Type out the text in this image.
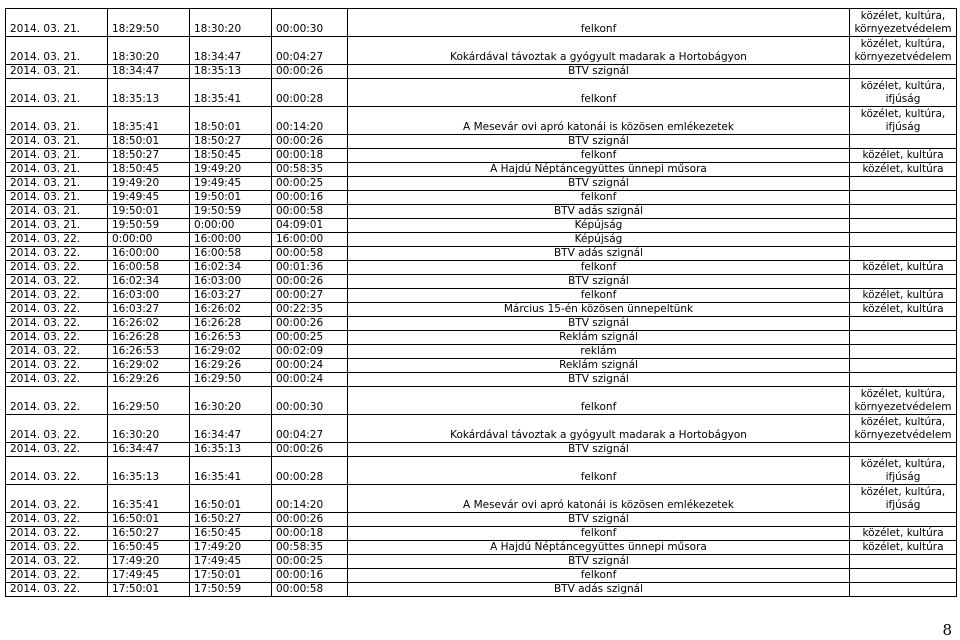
2014. 03. 21.	18:29:50	18:30:20	00:00:30	felkonf	közélet, kultúra, környezetvédelem
2014. 03. 21.	18:30:20	18:34:47	00:04:27	Kokárdával távoztak a gyógyult madarak a Hortobágyon	közélet, kultúra, környezetvédelem
2014. 03. 21.	18:34:47	18:35:13	00:00:26	BTV szignál	
2014. 03. 21.	18:35:13	18:35:41	00:00:28	felkonf	közélet, kultúra, ifjúság
2014. 03. 21.	18:35:41	18:50:01	00:14:20	A Mesevár ovi apró katonái is közösen emlékezetek	közélet, kultúra, ifjúság
2014. 03. 21.	18:50:01	18:50:27	00:00:26	BTV szignál	
2014. 03. 21.	18:50:27	18:50:45	00:00:18	felkonf	közélet, kultúra
2014. 03. 21.	18:50:45	19:49:20	00:58:35	A Hajdú Néptáncegyüttes ünnepi műsora	közélet, kultúra
2014. 03. 21.	19:49:20	19:49:45	00:00:25	BTV szignál	
2014. 03. 21.	19:49:45	19:50:01	00:00:16	felkonf	
2014. 03. 21.	19:50:01	19:50:59	00:00:58	BTV adás szignál	
2014. 03. 21.	19:50:59	0:00:00	04:09:01	Képújság	
2014. 03. 22.	0:00:00	16:00:00	16:00:00	Képújság	
2014. 03. 22.	16:00:00	16:00:58	00:00:58	BTV adás szignál	
2014. 03. 22.	16:00:58	16:02:34	00:01:36	felkonf	közélet, kultúra
2014. 03. 22.	16:02:34	16:03:00	00:00:26	BTV szignál	
2014. 03. 22.	16:03:00	16:03:27	00:00:27	felkonf	közélet, kultúra
2014. 03. 22.	16:03:27	16:26:02	00:22:35	Március 15-én közösen ünnepeltünk	közélet, kultúra
2014. 03. 22.	16:26:02	16:26:28	00:00:26	BTV szignál	
2014. 03. 22.	16:26:28	16:26:53	00:00:25	Reklám szignál	
2014. 03. 22.	16:26:53	16:29:02	00:02:09	reklám	
2014. 03. 22.	16:29:02	16:29:26	00:00:24	Reklám szignál	
2014. 03. 22.	16:29:26	16:29:50	00:00:24	BTV szignál	
2014. 03. 22.	16:29:50	16:30:20	00:00:30	felkonf	közélet, kultúra, környezetvédelem
2014. 03. 22.	16:30:20	16:34:47	00:04:27	Kokárdával távoztak a gyógyult madarak a Hortobágyon	közélet, kultúra, környezetvédelem
2014. 03. 22.	16:34:47	16:35:13	00:00:26	BTV szignál	
2014. 03. 22.	16:35:13	16:35:41	00:00:28	felkonf	közélet, kultúra, ifjúság
2014. 03. 22.	16:35:41	16:50:01	00:14:20	A Mesevár ovi apró katonái is közösen emlékezetek	közélet, kultúra, ifjúság
2014. 03. 22.	16:50:01	16:50:27	00:00:26	BTV szignál	
2014. 03. 22.	16:50:27	16:50:45	00:00:18	felkonf	közélet, kultúra
2014. 03. 22.	16:50:45	17:49:20	00:58:35	A Hajdú Néptáncegyüttes ünnepi műsora	közélet, kultúra
2014. 03. 22.	17:49:20	17:49:45	00:00:25	BTV szignál	
2014. 03. 22.	17:49:45	17:50:01	00:00:16	felkonf	
2014. 03. 22.	17:50:01	17:50:59	00:00:58	BTV adás szignál	
8
